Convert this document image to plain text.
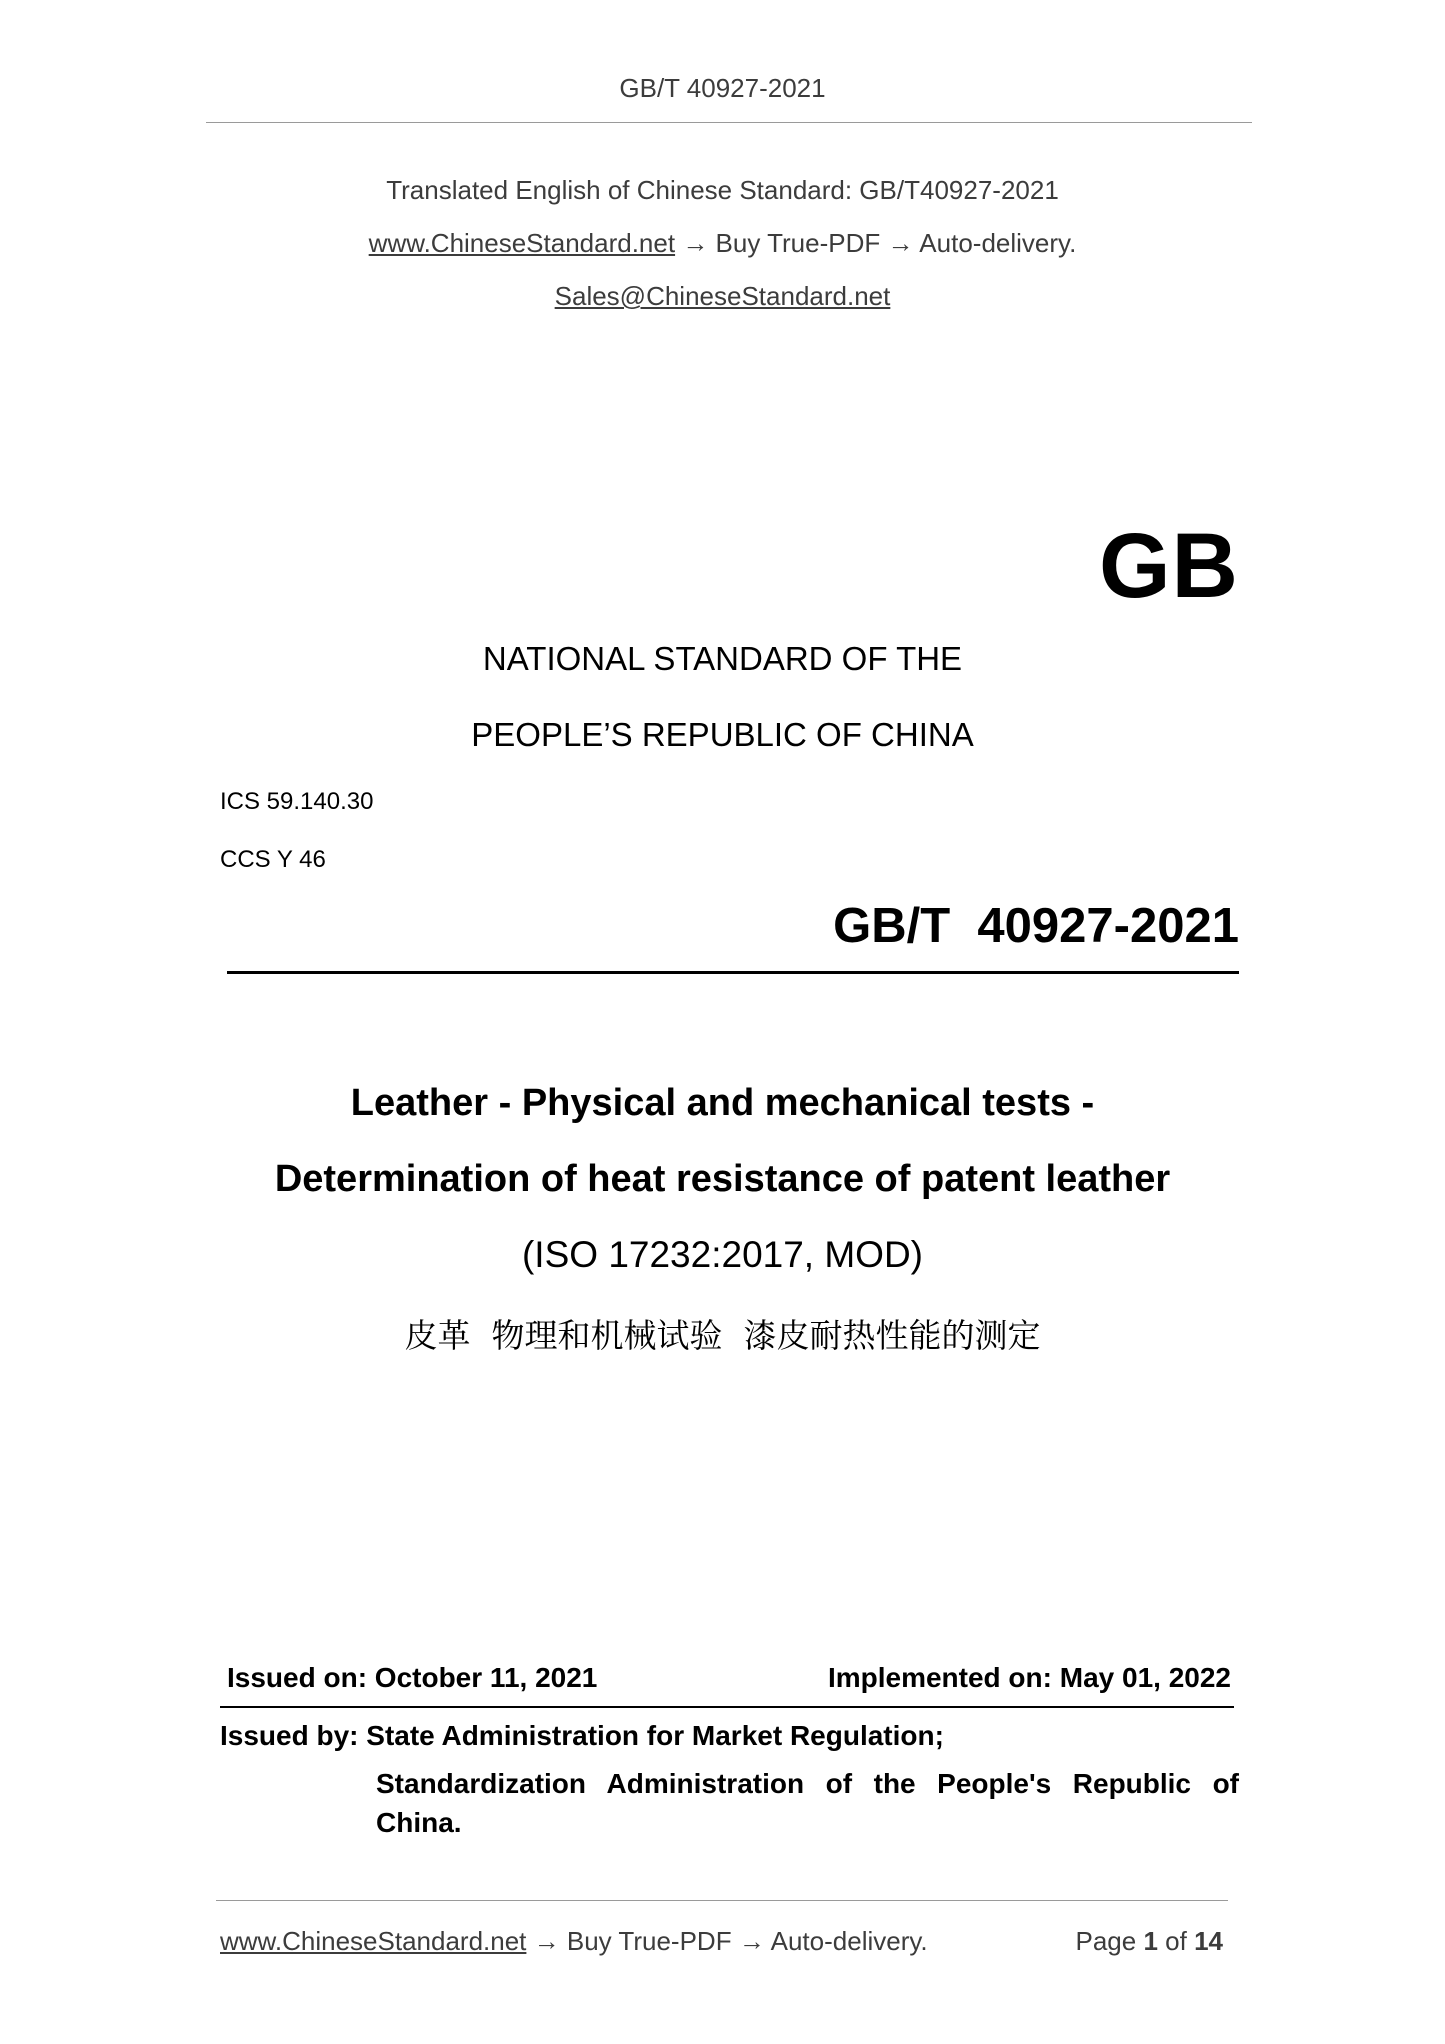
GB/T 40927-2021
Translated English of Chinese Standard: GB/T40927-2021
www.ChineseStandard.net → Buy True-PDF → Auto-delivery.
Sales@ChineseStandard.net
GB
NATIONAL STANDARD OF THE
PEOPLE’S REPUBLIC OF CHINA
ICS 59.140.30
CCS Y 46
GB/T  40927-2021
Leather - Physical and mechanical tests -
Determination of heat resistance of patent leather
(ISO 17232:2017, MOD)
皮革  物理和机械试验  漆皮耐热性能的测定
Issued on: October 11, 2021	Implemented on: May 01, 2022
Issued by: State Administration for Market Regulation;
Standardization Administration of the People's Republic of
China.
www.ChineseStandard.net → Buy True-PDF → Auto-delivery.	Page 1 of 14
